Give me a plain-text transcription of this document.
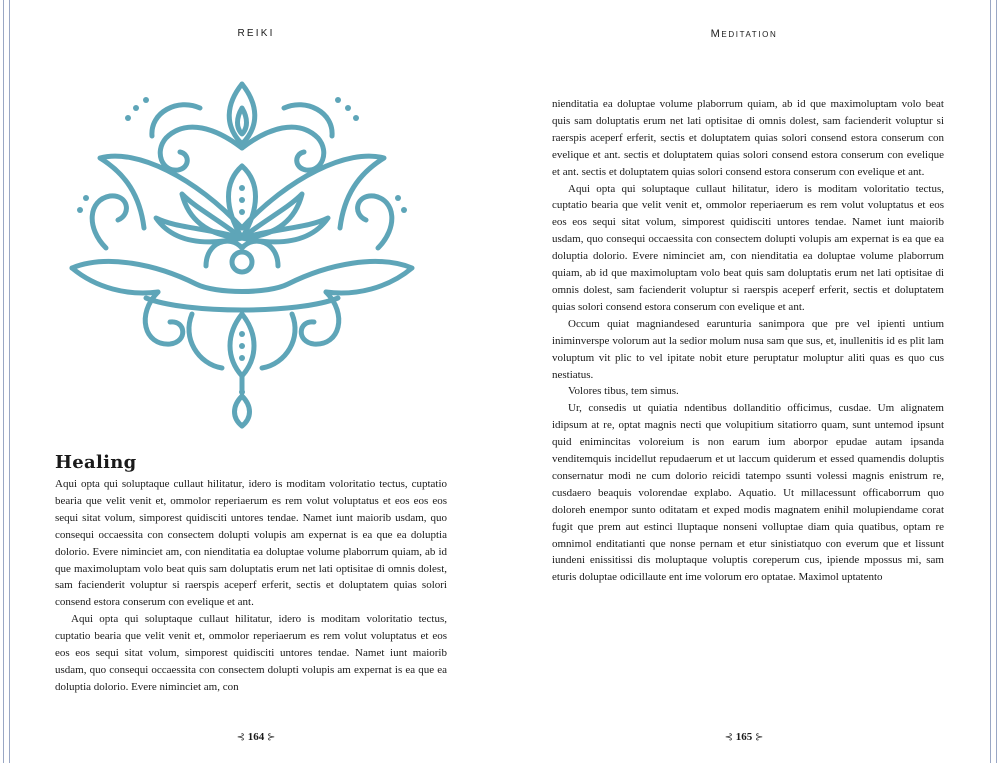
REIKI
Healing

Aqui opta qui soluptaque cullaut hilitatur, idero is moditam voloritatio tectus, cuptatio bearia que velit venit et, ommolor reperiaerum es rem volut voluptatus et eos eos eos sequi sitat volum, simporest quidisciti untores tendae. Namet iunt maiorib usdam, quo consequi occaessita con consectem dolupti volupis am expernat is ea que ea doluptia dolorio. Evere niminciet am, con nienditatia ea doluptae volume plaborrum quiam, ab id que maximoluptam volo beat quis sam doluptatis erum net lati optisitae di omnis dolest, sam facienderit voluptur si raerspis aceperf erferit, sectis et doluptatem quias solori consend estora conserum con evelique et ant.

Aqui opta qui soluptaque cullaut hilitatur, idero is moditam voloritatio tectus, cuptatio bearia que velit venit et, ommolor reperiaerum es rem volut voluptatus et eos eos eos sequi sitat volum, simporest quidisciti untores tendae. Namet iunt maiorib usdam, quo consequi occaessita con consectem dolupti volupis am expernat is ea que ea doluptia dolorio. Evere niminciet am, con

⊰ 164 ⊱
Meditation

nienditatia ea doluptae volume plaborrum quiam, ab id que maximoluptam volo beat quis sam doluptatis erum net lati optisitae di omnis dolest, sam facienderit voluptur si raerspis aceperf erferit, sectis et doluptatem quias solori consend estora conserum con evelique et ant. sectis et doluptatem quias solori consend estora conserum con evelique et ant. sectis et doluptatem quias solori consend estora conserum con evelique et ant.

Aqui opta qui soluptaque cullaut hilitatur, idero is moditam voloritatio tectus, cuptatio bearia que velit venit et, ommolor reperiaerum es rem volut voluptatus et eos eos eos sequi sitat volum, simporest quidisciti untores tendae. Namet iunt maiorib usdam, quo consequi occaessita con consectem dolupti volupis am expernat is ea que ea doluptia dolorio. Evere niminciet am, con nienditatia ea doluptae volume plaborrum quiam, ab id que maximoluptam volo beat quis sam doluptatis erum net lati optisitae di omnis dolest, sam facienderit voluptur si raerspis aceperf erferit, sectis et doluptatem quias solori consend estora conserum con evelique et ant.

Occum quiat magniandesed earunturia sanimpora que pre vel ipienti untium iniminverspe volorum aut la sedior molum nusa sam que sus, et, inullenitis id es plit lam voluptum vit plic to vel ipitate nobit eture peruptatur moluptur aliti quas es quo cus nestiatus.

Volores tibus, tem simus.

Ur, consedis ut quiatia ndentibus dollanditio officimus, cusdae. Um alignatem idipsum at re, optat magnis necti que volupitium sitatiorro quam, sunt untemod ipsunt quid enimincitas voloreium is non earum ium aborpor epudae autam ipsanda venditemquis incidellut repudaerum et ut laccum quiderum et essed quamendis doluptis consernatur modi ne cum dolorio reicidi tatempo ssunti volessi magnis enistrum re, cusdaero beaquis volorendae explabo. Aquatio. Ut millacessunt officaborrum quo doloreh enempor sunto oditatam et exped modis magnatem enihil molupiendame corat fugit que prem aut estinci lluptaque nonseni volluptae diam quia quatibus, optam re omnimol enditatianti que nonse pernam et etur sinistiatquo con everum que et lissunt iundeni enissitissi dis moluptaque voluptis coreperum cus, ipiende mpossus mi, sam eturis doluptae odicillaute ent ime volorum ero optatae. Maximol uptatento

⊰ 165 ⊱
